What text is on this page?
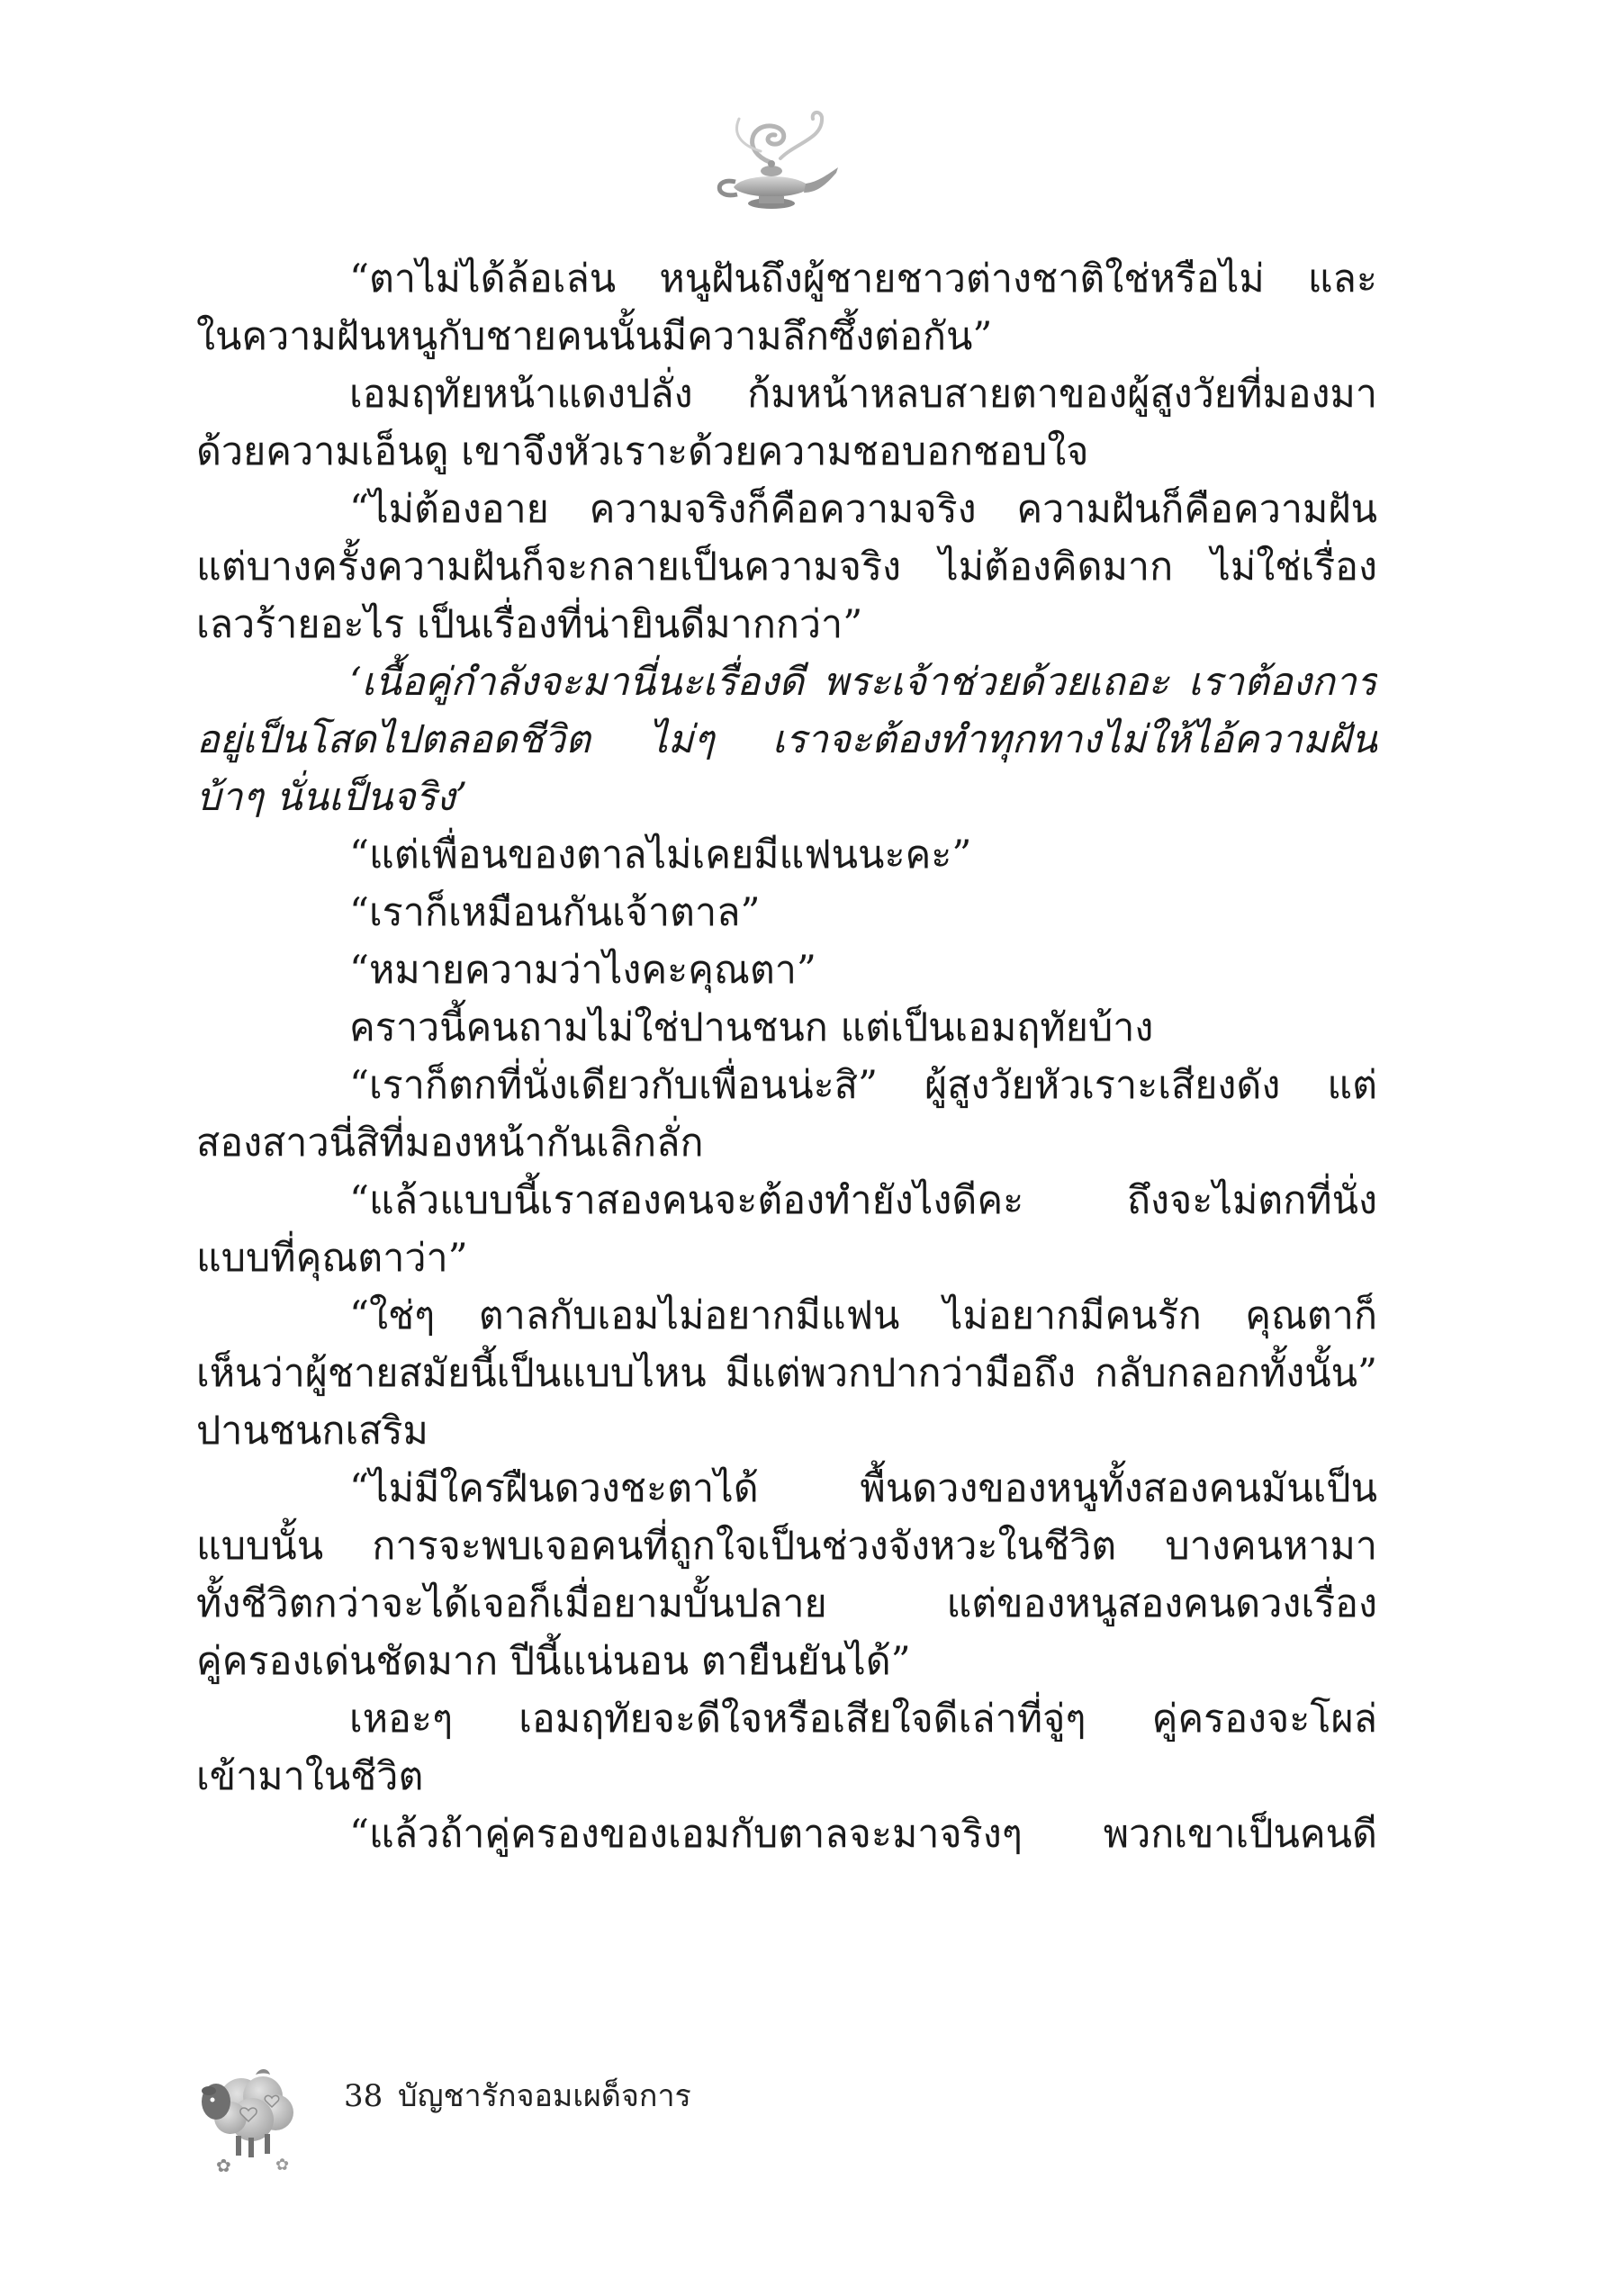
“ตาไม่ได้ล้อเล่น หนูฝันถึงผู้ชายชาวต่างชาติใช่หรือไม่ และ
ในความฝันหนูกับชายคนนั้นมีความลึกซึ้งต่อกัน”
เอมฤทัยหน้าแดงปลั่ง ก้มหน้าหลบสายตาของผู้สูงวัยที่มองมา
ด้วยความเอ็นดู เขาจึงหัวเราะด้วยความชอบอกชอบใจ
“ไม่ต้องอาย ความจริงก็คือความจริง ความฝันก็คือความฝัน
แต่บางครั้งความฝันก็จะกลายเป็นความจริง ไม่ต้องคิดมาก ไม่ใช่เรื่อง
เลวร้ายอะไร เป็นเรื่องที่น่ายินดีมากกว่า”
‘เนื้อคู่กำลังจะมานี่นะเรื่องดี พระเจ้าช่วยด้วยเถอะ เราต้องการ
อยู่เป็นโสดไปตลอดชีวิต ไม่ๆ เราจะต้องทำทุกทางไม่ให้ไอ้ความฝัน
บ้าๆ นั่นเป็นจริง’
“แต่เพื่อนของตาลไม่เคยมีแฟนนะคะ”
“เราก็เหมือนกันเจ้าตาล”
“หมายความว่าไงคะคุณตา”
คราวนี้คนถามไม่ใช่ปานชนก แต่เป็นเอมฤทัยบ้าง
“เราก็ตกที่นั่งเดียวกับเพื่อนน่ะสิ” ผู้สูงวัยหัวเราะเสียงดัง แต่
สองสาวนี่สิที่มองหน้ากันเลิกลั่ก
“แล้วแบบนี้เราสองคนจะต้องทำยังไงดีคะ ถึงจะไม่ตกที่นั่ง
แบบที่คุณตาว่า”
“ใช่ๆ ตาลกับเอมไม่อยากมีแฟน ไม่อยากมีคนรัก คุณตาก็
เห็นว่าผู้ชายสมัยนี้เป็นแบบไหน มีแต่พวกปากว่ามือถึง กลับกลอกทั้งนั้น”
ปานชนกเสริม
“ไม่มีใครฝืนดวงชะตาได้ พื้นดวงของหนูทั้งสองคนมันเป็น
แบบนั้น การจะพบเจอคนที่ถูกใจเป็นช่วงจังหวะในชีวิต บางคนหามา
ทั้งชีวิตกว่าจะได้เจอก็เมื่อยามบั้นปลาย แต่ของหนูสองคนดวงเรื่อง
คู่ครองเด่นชัดมาก ปีนี้แน่นอน ตายืนยันได้”
เหอะๆ เอมฤทัยจะดีใจหรือเสียใจดีเล่าที่จู่ๆ คู่ครองจะโผล่
เข้ามาในชีวิต
“แล้วถ้าคู่ครองของเอมกับตาลจะมาจริงๆ พวกเขาเป็นคนดี
✿	✿
38 บัญชารักจอมเผด็จการ
